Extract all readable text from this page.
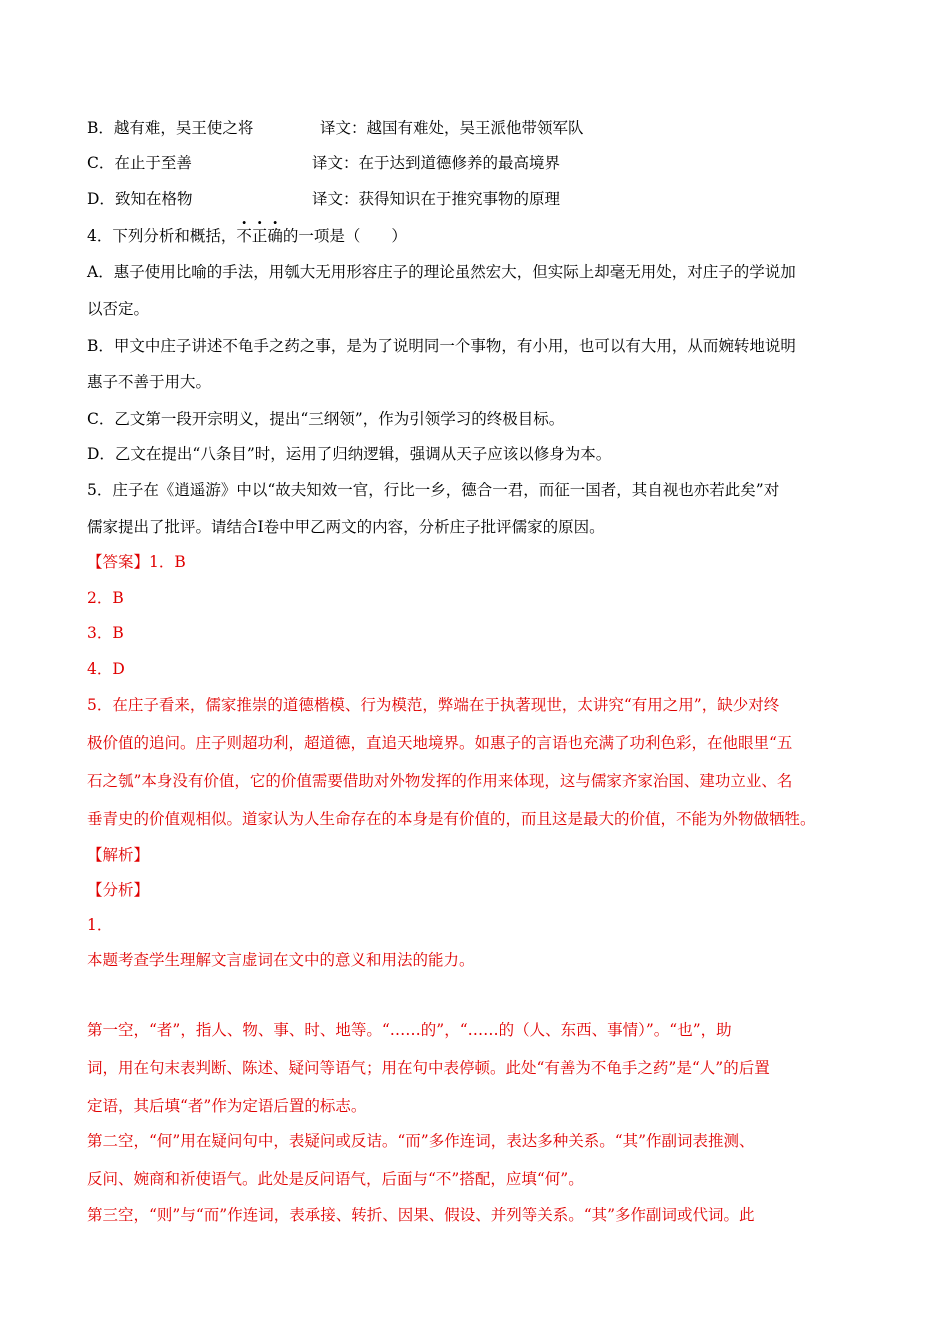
B．越有难，吴王使之将	译文：越国有难处，吴王派他带领军队
C．在止于至善	译文：在于达到道德修养的最高境界
D．致知在格物	译文：获得知识在于推究事物的原理
4．下列分析和概括，不正确的一项是（　　）
A．惠子使用比喻的手法，用瓠大无用形容庄子的理论虽然宏大，但实际上却毫无用处，对庄子的学说加
以否定。
B．甲文中庄子讲述不龟手之药之事，是为了说明同一个事物，有小用，也可以有大用，从而婉转地说明
惠子不善于用大。
C．乙文第一段开宗明义，提出“三纲领”，作为引领学习的终极目标。
D．乙文在提出“八条目”时，运用了归纳逻辑，强调从天子应该以修身为本。
5．庄子在《逍遥游》中以“故夫知效一官，行比一乡，德合一君，而征一国者，其自视也亦若此矣”对
儒家提出了批评。请结合Ⅰ卷中甲乙两文的内容，分析庄子批评儒家的原因。
【答案】1．B
2．B
3．B
4．D
5．在庄子看来，儒家推崇的道德楷模、行为模范，弊端在于执著现世，太讲究“有用之用”，缺少对终
极价值的追问。庄子则超功利，超道德，直追天地境界。如惠子的言语也充满了功利色彩，在他眼里“五
石之瓠”本身没有价值，它的价值需要借助对外物发挥的作用来体现，这与儒家齐家治国、建功立业、名
垂青史的价值观相似。道家认为人生命存在的本身是有价值的，而且这是最大的价值，不能为外物做牺牲。
【解析】
【分析】
1．
本题考查学生理解文言虚词在文中的意义和用法的能力。
第一空，“者”，指人、物、事、时、地等。“……的”，“……的（人、东西、事情）”。“也”，助
词，用在句末表判断、陈述、疑问等语气；用在句中表停顿。此处“有善为不龟手之药”是“人”的后置
定语，其后填“者”作为定语后置的标志。
第二空，“何”用在疑问句中，表疑问或反诘。“而”多作连词，表达多种关系。“其”作副词表推测、
反问、婉商和祈使语气。此处是反问语气，后面与“不”搭配，应填“何”。
第三空，“则”与“而”作连词，表承接、转折、因果、假设、并列等关系。“其”多作副词或代词。此
